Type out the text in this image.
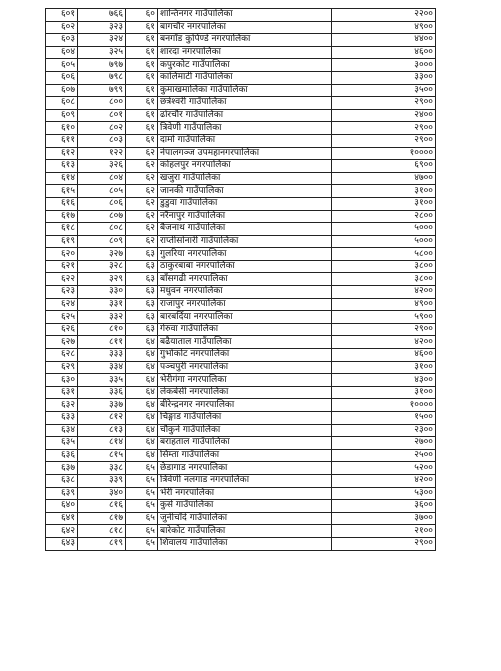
६०१	७६६	६०	शान्तिनगर गाउँपालिका	२२००
६०२	३२३	६१	बागचौर नगरपालिका	४९००
६०३	३२४	६१	बनगाँड कुपिण्डे नगरपालिका	४४००
६०४	३२५	६१	शारदा नगरपालिका	४६००
६०५	७९७	६१	कपुरकोट गाउँपालिका	३०००
६०६	७९८	६१	कालिमाटी गाउँपालिका	३३००
६०७	७९९	६१	कुमाखमालिका गाउँपालिका	३५००
६०८	८००	६१	छत्रेश्वरी गाउँपालिका	२९००
६०९	८०१	६१	ढोरचौर गाउँपालिका	२४००
६१०	८०२	६१	त्रिवेणी गाउँपालिका	२९००
६११	८०३	६१	दार्मा गाउँपालिका	२९००
६१२	१२२	६२	नेपालगञ्ज उपमहानगरपालिका	१००००
६१३	३२६	६२	कोहलपुर नगरपालिका	६९००
६१४	८०४	६२	खजुरा गाउँपालिका	४७००
६१५	८०५	६२	जानकी गाउँपालिका	३१००
६१६	८०६	६२	डुडुवा गाउँपालिका	३१००
६१७	८०७	६२	नरैनापुर गाउँपालिका	२८००
६१८	८०८	६२	बैजनाथ गाउँपालिका	५०००
६१९	८०९	६२	राप्तीसोनारी गाउँपालिका	५०००
६२०	३२७	६३	गुलरिया नगरपालिका	५८००
६२१	३२८	६३	ठाकुरबाबा नगरपालिका	३८००
६२२	३२९	६३	बाँसगढी नगरपालिका	३८००
६२३	३३०	६३	मधुवन नगरपालिका	४२००
६२४	३३१	६३	राजापुर नगरपालिका	४९००
६२५	३३२	६३	बारबर्दिया नगरपालिका	५९००
६२६	८१०	६३	गेरुवा गाउँपालिका	२९००
६२७	८११	६४	बढैयाताल गाउँपालिका	४२००
६२८	३३३	६४	गुर्भाकोट नगरपालिका	४६००
६२९	३३४	६४	पञ्चपुरी नगरपालिका	३१००
६३०	३३५	६४	भेरीगंगा नगरपालिका	४३००
६३१	३३६	६४	लेकबेसी नगरपालिका	३१००
६३२	३३७	६४	बीरेन्द्रनगर नगरपालिका	१००००
६३३	८१२	६४	चिङ्गाड गाउँपालिका	१५००
६३४	८१३	६४	चौकुने गाउँपालिका	२३००
६३५	८१४	६४	बराहताल गाउँपालिका	२७००
६३६	८१५	६४	सिम्ता गाउँपालिका	२५००
६३७	३३८	६५	छेडागाड नगरपालिका	५२००
६३८	३३९	६५	त्रिवेणी नलगाड नगरपालिका	४२००
६३९	३४०	६५	भेरी नगरपालिका	५३००
६४०	८१६	६५	कुसे गाउँपालिका	३६००
६४१	८१७	६५	जुनीचाँदे गाउँपालिका	३७००
६४२	८१८	६५	बारेकोट गाउँपालिका	२१००
६४३	८१९	६५	शिवालय गाउँपालिका	२९००
